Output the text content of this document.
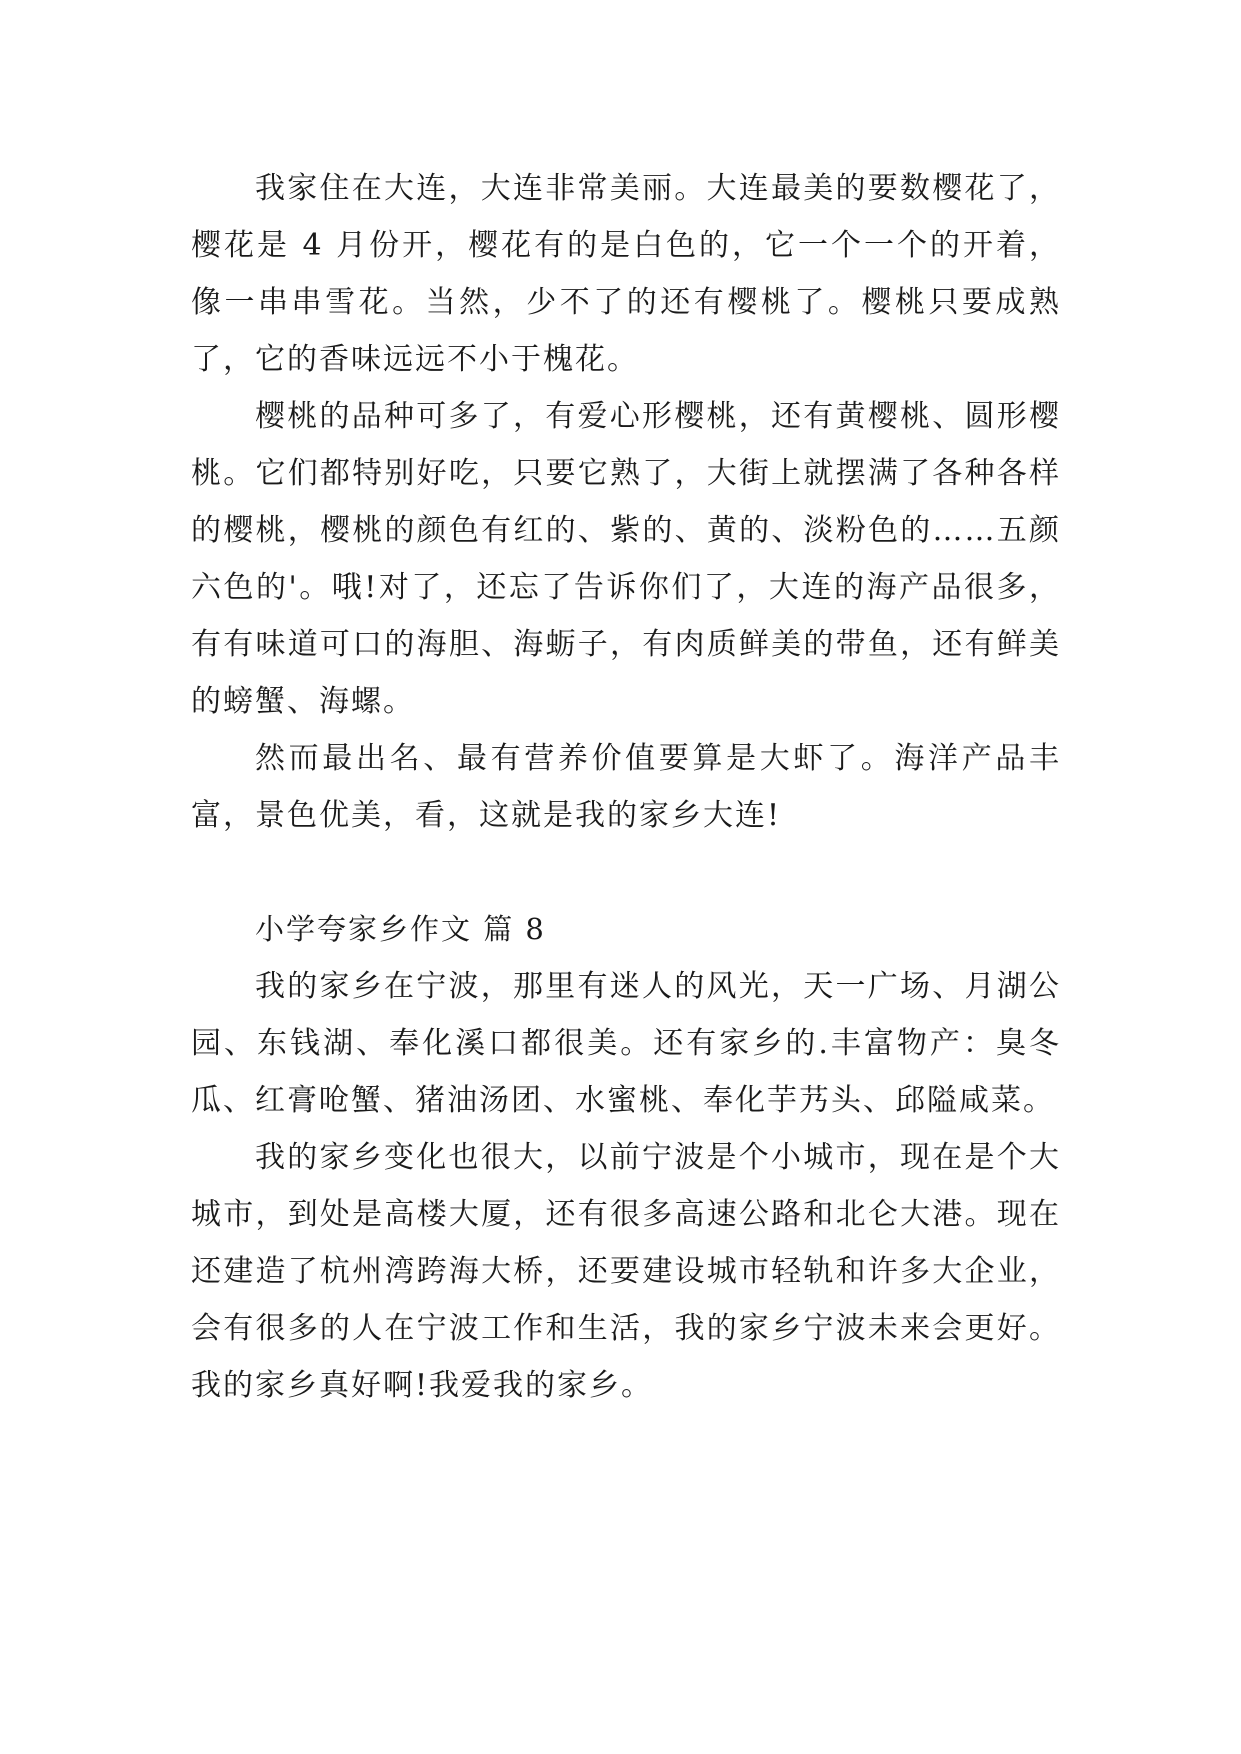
我家住在大连，大连非常美丽。大连最美的要数樱花了，樱花是 4 月份开，樱花有的是白色的，它一个一个的开着，像一串串雪花。当然，少不了的还有樱桃了。樱桃只要成熟了，它的香味远远不小于槐花。

樱桃的品种可多了，有爱心形樱桃，还有黄樱桃、圆形樱桃。它们都特别好吃，只要它熟了，大街上就摆满了各种各样的樱桃，樱桃的颜色有红的、紫的、黄的、淡粉色的……五颜六色的'。哦!对了，还忘了告诉你们了，大连的海产品很多，有有味道可口的海胆、海蛎子，有肉质鲜美的带鱼，还有鲜美的螃蟹、海螺。

然而最出名、最有营养价值要算是大虾了。海洋产品丰富，景色优美，看，这就是我的家乡大连!

小学夸家乡作文 篇 8

我的家乡在宁波，那里有迷人的风光，天一广场、月湖公园、东钱湖、奉化溪口都很美。还有家乡的.丰富物产：臭冬瓜、红膏呛蟹、猪油汤团、水蜜桃、奉化芋艿头、邱隘咸菜。

我的家乡变化也很大，以前宁波是个小城市，现在是个大城市，到处是高楼大厦，还有很多高速公路和北仑大港。现在还建造了杭州湾跨海大桥，还要建设城市轻轨和许多大企业，会有很多的人在宁波工作和生活，我的家乡宁波未来会更好。我的家乡真好啊!我爱我的家乡。
